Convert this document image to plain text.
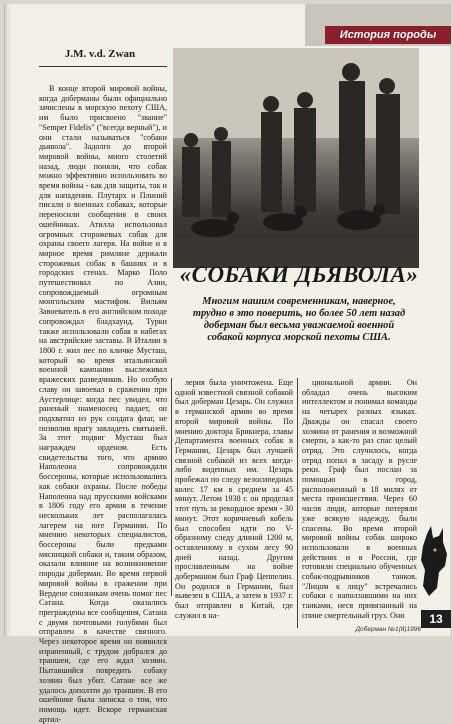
История породы
J.M. v.d. Zwan
В конце второй мировой войны, когда доберманы были официально зачислены в морскую пехоту США, им было присвоено "звание" "Semper Fidelis" ("всегда верный"), и они стали называться "собаки дьявола". Задолго до второй мировой войны, много столетий назад, люди поняли, что собак можно эффективно использовать во время войны - как для защиты, так и для нападения. Плутарх и Плиний писали о военных собаках, которые переносили сообщения в своих ошейниках. Атилла использовал огромных сторожевых собак для охраны своего лагеря. На войне и в мирное время римляне держали сторожевых собак в башнях и в городских стенах. Марко Поло путешествовал по Азии, сопровождаемый огромным монгольским мастифом. Вильям Завоеватель в его английском походе сопровождал бладхаунд. Турки также использовали собак в набегах на австрийские заставы. В Италии в 1800 г. жил пес по кличке Мусташ, который во время итальянской военной кампании выслеживал вражеских разведчиков. Но особую славу он завоевал в сражении при Аустерлице: когда пес увидел, что раненый знаменосец падает, он подхватил из рук солдата флаг, не позволив врагу завладеть святыней. За этот подвиг Мусташ был награжден орденом. Есть свидетельства того, что армию Наполеона сопровождали боссероны, которые использовались как собаки охраны. После победы Наполеона над прусскими войсками в 1806 году его армия в течение нескольких лет располагалась лагерем на юге Германии. По мнению некоторых специалистов, боссероны были предками мясницкой собаки и, таким образом, оказали влияние на возникновение породы доберман. Во время первой мировой войны в сражении при Вердене союзникам очень помог пес Сатана. Когда оказались преграждены все сообщения, Сатана с двумя почтовыми голубями был отправлен в качестве связного. Через некоторое время он появился израненный, с трудом добрался до траншеи, где его ждал хозяин. Пытавшийся повредить собаку хозяин был убит. Сатане все же удалось доползти до траншеи. В его ошейнике была записка о том, что помощь идет. Вскоре германская артил-
«СОБАКИ ДЬЯВОЛА»
Многим нашим современникам, наверное, трудно в это поверить, но более 50 лет назад доберман был весьма уважаемой военной собакой корпуса морской пехоты США.
лерия была уничтожена. Еще одной известной связной собакой был доберман Цезарь. Он служил в германской армии во время второй мировой войны. По мнению доктора Брикнера, главы Департамента военных собак в Германии, Цезарь был лучшей связной собакой из всех когда-либо виденных им. Цезарь пробежал по следу велосипедных колес 17 км в среднем за 45 минут. Летом 1938 г. он проделал этот путь за рекордное время - 30 минут. Этот коричневый кобель был способен идти по V-образному следу длиной 1200 м, оставленному в сухом лесу 90 дней назад. Другим прославленным на войне доберманом был Граф Цеппелин. Он родился в Германии, был вывезен в США, а затем в 1937 г. был отправлен в Китай, где служил в на-
циональной армии. Он обладал очень высоким интеллектом и понимал команды на четырех разных языках. Дважды он спасал своего хозяина от ранения и возможной смерти, а как-то раз спас целый отряд. Это случилось, когда отряд попал в засаду в русле реки. Граф был послан за помощью в город, расположенный в 18 милях от места происшествия. Через 60 часов люди, которые потеряли уже всякую надежду, были спасены. Во время второй мировой войны собак широко использовали в военных действиях и в России, где готовили специально обученных собак-подрывников танков. "Лицом к лицу" встречались собаки с наползавшими на них танками, неся привязанный на спине смертельный груз. Они	13
Доберман №1(8)1996
